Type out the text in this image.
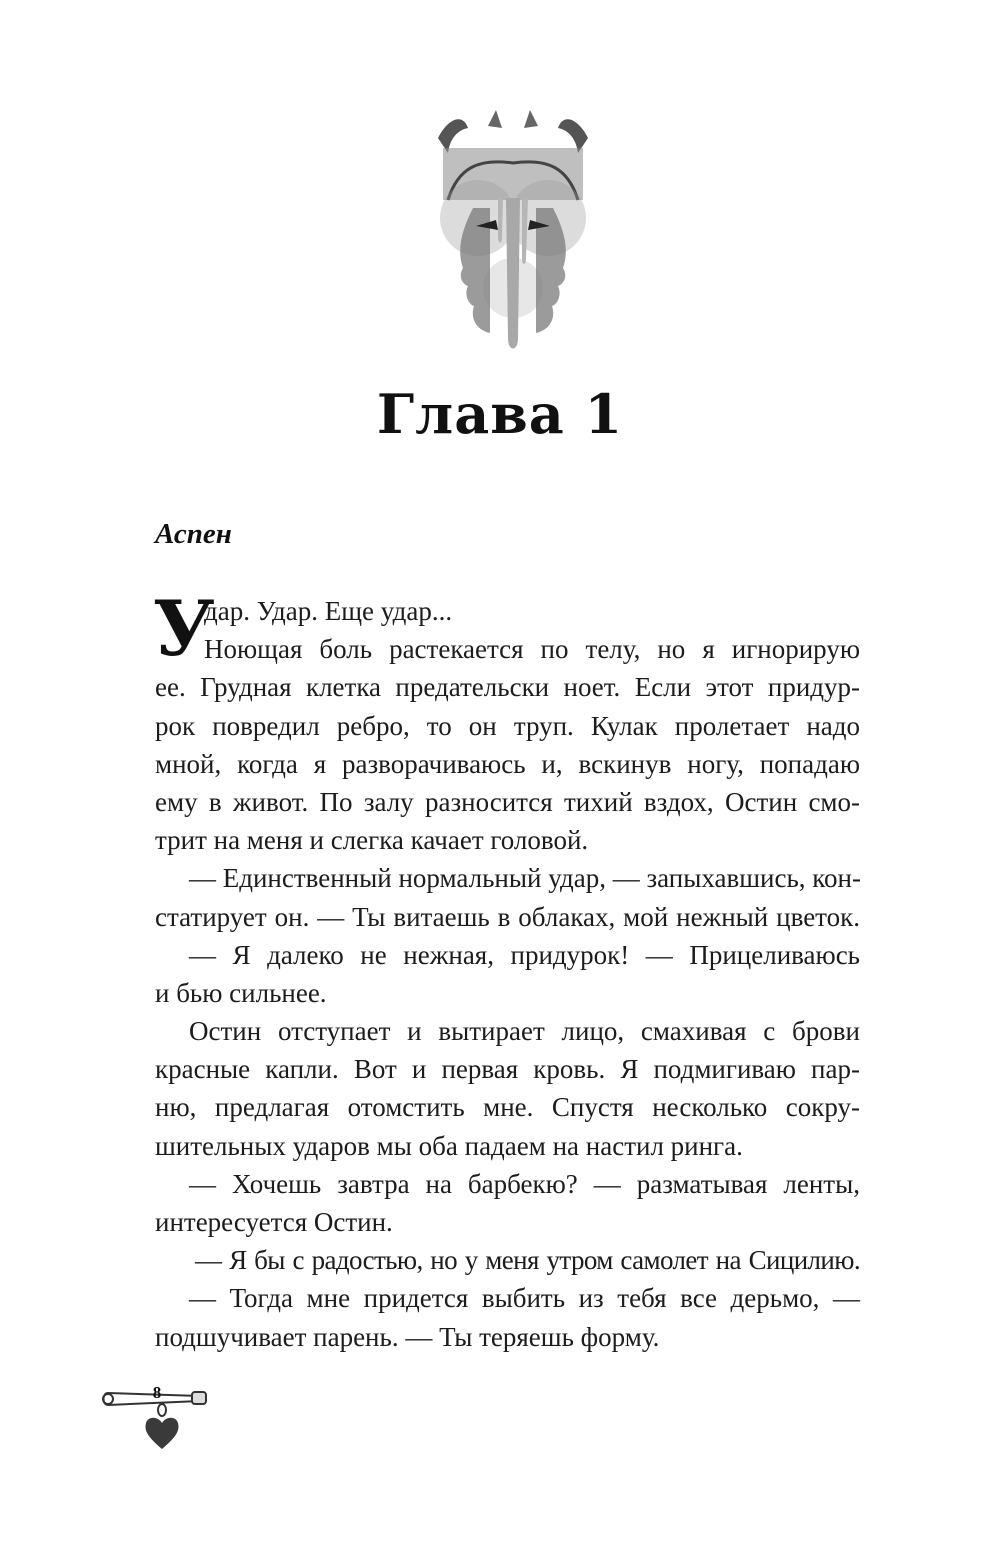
Глава 1
Аспен
У
дар. Удар. Еще удар...
Ноющая боль растекается по телу, но я игнорирую
ее. Грудная клетка предательски ноет. Если этот придур-
рок повредил ребро, то он труп. Кулак пролетает надо
мной, когда я разворачиваюсь и, вскинув ногу, попадаю
ему в живот. По залу разносится тихий вздох, Остин смо-
трит на меня и слегка качает головой.
— Единственный нормальный удар, — запыхавшись, кон-
статирует он. — Ты витаешь в облаках, мой нежный цветок.
— Я далеко не нежная, придурок! — Прицеливаюсь
и бью сильнее.
Остин отступает и вытирает лицо, смахивая с брови
красные капли. Вот и первая кровь. Я подмигиваю пар-
ню, предлагая отомстить мне. Спустя несколько сокру-
шительных ударов мы оба падаем на настил ринга.
— Хочешь завтра на барбекю? — разматывая ленты,
интересуется Остин.
— Я бы с радостью, но у меня утром самолет на Сицилию.
— Тогда мне придется выбить из тебя все дерьмо, —
подшучивает парень. — Ты теряешь форму.
8
